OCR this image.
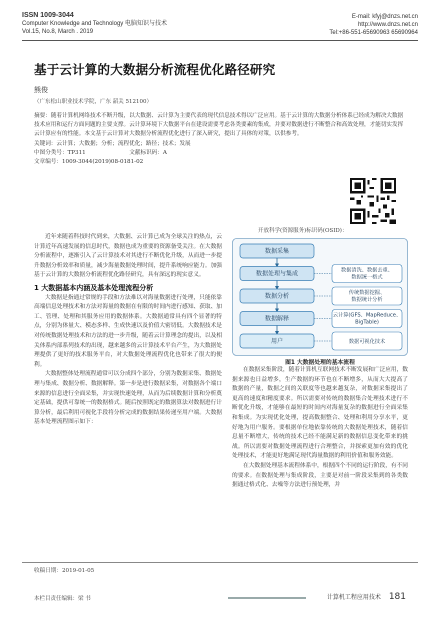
ISSN 1009-3044
Computer Knowledge and Technology 电脑知识与技术
Vol.15, No.8, March . 2019
E-mail: kfyj@dnzs.net.cn
http://www.dnzs.net.cn
Tel:+86-551-65690963 65690964
基于云计算的大数据分析流程优化路径研究
熊俊
（广东松山职业技术学院，广东 韶关 512100）

摘要：随着计算机网络技术不断升级，以大数据、云计算为主要代表的现代信息技术得以广泛应用。基于云计算的大数据分析体系已经成为解决大数据技术应用和运行方面问题的主要支撑。云计算环境下大数据平台在建设需要考虑各类要素的集成，并要对数据进行不断整合和高效处理，才能切实发挥云计算应有的性能。本文基于云计算对大数据分析流程优化进行了深入研究，提出了具体的对策，以供参考。

关键词：云计算；大数据；分析；流程优化；路径；技术；发展
中图分类号：TP311	文献标识码：A
文章编号：1009-3044(2019)08-0181-02
开放科学(资源服务)标识码(OSID)：

近年来随着科技时代到来，大数据、云计算已成为全球关注的热点，云计算近年高速发展的信息时代，数据也成为重要的资源备受关注。在大数据分析流程中，逐渐引入了云计算技术对其进行不断优化升级，从而进一步提升数据分析效率和质量，减少海量数据处理时间，提升系统响应能力。加强基于云计算的大数据分析流程优化路径研究，具有深远的现实意义。

1 大数据基本内涵及基本处理流程分析

大数据是指通过常规的手段和方法难以对海量数据进行处理，只能依靠高端信息处理技术和方法对海量的数据在有限的时间内进行感知、获取、加工、管理、处理和其服务应用的数据体系。大数据通常具有四个显著的特点，分别为体量大、模态多样、生成快速以及价值大密切低。大数据技术是对传统数据处理技术和方法的进一步升级，随着云计算理念的提出，以及相关体系内部系列技术的出现，越来越多的云计算技术平台产生，为大数据处理提供了更好的技术服务平台，对大数据处理流程优化也带来了很大的便利。

大数据整体处理流程通常可以分成四个部分，分别为数据采集、数据处理与集成、数据分析、数据解释。第一步是进行数据采集，对数据各个端口来源的信息进行全面采集，并实现快速处理，从而为后续数据计算和分析奠定基础，提供可靠统一的数据格式。随后按照既定的数据算法对数据进行计算分析，最后利用可视化手段将分析完成的数据结果传递至用户端。大数据基本处理流程图示如下：

数据采集
数据处理与集成
数据分析
数据解释
用户
数据清洗、数据去重、
数据统一格式
传统数据挖掘、
数据统计分析
云计算(GFS、MapReduce、
BigTable)
数据可视化技术
图1 大数据处理的基本流程

在数据采集阶段，随着计算机互联网技术不断发展和广泛应用，数据来源也日益增多，生产数据的环节也在不断增多，从而大大提高了数据的产量，数据之间的关联度等也越来越复杂，对数据采集提出了更高的速度和精度要求。所以需要对传统的数据集合处理技术进行不断优化升级，才能够在最短的时间内对海量复杂的数据进行全面采集和集成。为实现优化处理，提高数据整合、处理和利用分享水平，更好地为用户服务。要根据单位地依靠传统的大数据处理技术，随着信息量不断增大，传统的技术已经不能满足新的数据信息变化带来的挑战。所以需要对数据处理流程进行合理整合，并探索更加有效的优化处理技术，才能更好地满足现代海量数据的利用价值和服务效能。

在大数据处理基本流程体系中，根据四个不同的运行阶段，有不同的要求。在数据处理与集成阶段，主要是对前一阶段采集到的各类数据通过格式化、去噪等方法进行预处理，并

收稿日期：2019-01-05
本栏目责任编辑：梁 书	计算机工程应用技术 181
